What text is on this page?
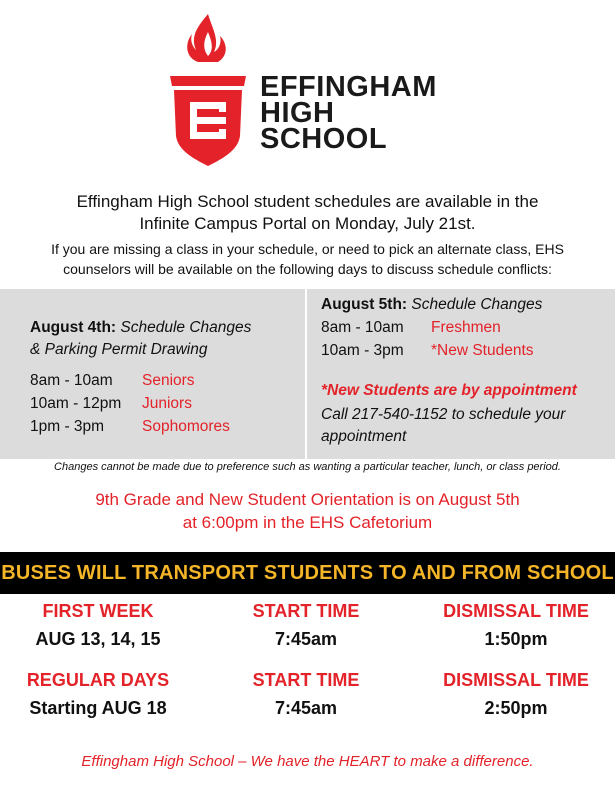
EFFINGHAM
HIGH
SCHOOL
Effingham High School student schedules are available in the
Infinite Campus Portal on Monday, July 21st.
If you are missing a class in your schedule, or need to pick an alternate class, EHS
counselors will be available on the following days to discuss schedule conflicts:
August 4th: Schedule Changes
& Parking Permit Drawing
8am - 10am Seniors
10am - 12pm Juniors
1pm - 3pm Sophomores
August 5th: Schedule Changes
8am - 10am Freshmen
10am - 3pm *New Students
*New Students are by appointment
Call 217-540-1152 to schedule your
appointment
Changes cannot be made due to preference such as wanting a particular teacher, lunch, or class period.
9th Grade and New Student Orientation is on August 5th
at 6:00pm in the EHS Cafetorium
BUSES WILL TRANSPORT STUDENTS TO AND FROM SCHOOL
FIRST WEEK
AUG 13, 14, 15
START TIME
7:45am
DISMISSAL TIME
1:50pm
REGULAR DAYS
Starting AUG 18
START TIME
7:45am
DISMISSAL TIME
2:50pm
Effingham High School – We have the HEART to make a difference.
